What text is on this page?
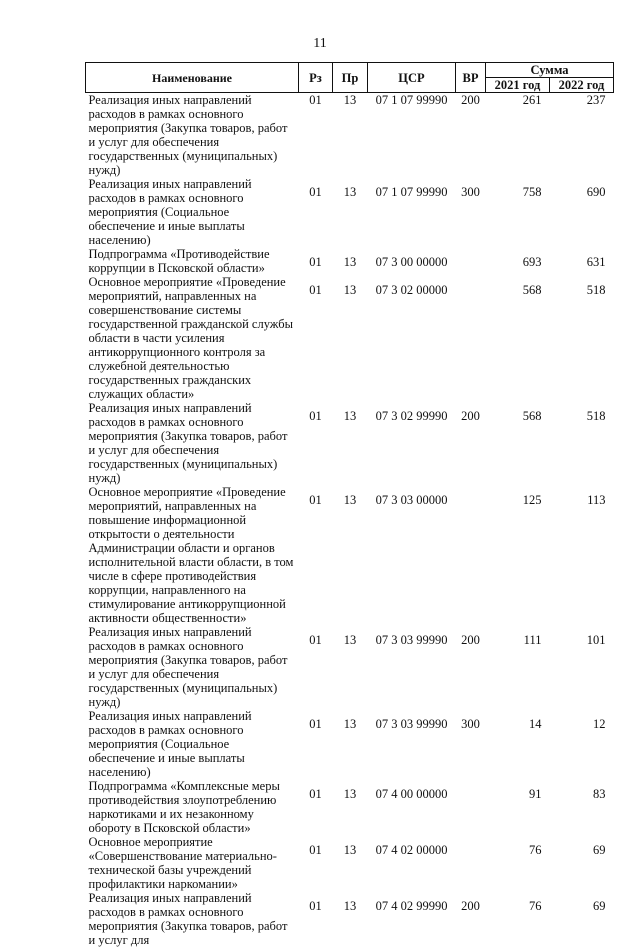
11
Наименование	Рз	Пр	ЦСР	ВР	Сумма	
					2021 год	2022 год
Реализация иных направлений расходов в рамках основного мероприятия (Закупка товаров, работ и услуг для обеспечения государственных (муниципальных) нужд)	01	13	07 1 07 99990	200	261	237
Реализация иных направлений расходов в рамках основного мероприятия (Социальное обеспечение и иные выплаты населению)	01	13	07 1 07 99990	300	758	690
Подпрограмма «Противодействие коррупции в Псковской области»	01	13	07 3 00 00000		693	631
Основное мероприятие «Проведение мероприятий, направленных на совершенствование системы государственной гражданской службы области в части усиления антикоррупционного контроля за служебной деятельностью государственных гражданских служащих области»	01	13	07 3 02 00000		568	518
Реализация иных направлений расходов в рамках основного мероприятия (Закупка товаров, работ и услуг для обеспечения государственных (муниципальных) нужд)	01	13	07 3 02 99990	200	568	518
Основное мероприятие «Проведение мероприятий, направленных на повышение информационной открытости о деятельности Администрации области и органов исполнительной власти области, в том числе в сфере противодействия коррупции, направленного на стимулирование антикоррупционной активности общественности»	01	13	07 3 03 00000		125	113
Реализация иных направлений расходов в рамках основного мероприятия (Закупка товаров, работ и услуг для обеспечения государственных (муниципальных) нужд)	01	13	07 3 03 99990	200	111	101
Реализация иных направлений расходов в рамках основного мероприятия (Социальное обеспечение и иные выплаты населению)	01	13	07 3 03 99990	300	14	12
Подпрограмма «Комплексные меры противодействия злоупотреблению наркотиками и их незаконному обороту в Псковской области»	01	13	07 4 00 00000		91	83
Основное мероприятие «Совершенствование материально-технической базы учреждений профилактики наркомании»	01	13	07 4 02 00000		76	69
Реализация иных направлений расходов в рамках основного мероприятия (Закупка товаров, работ и услуг для	01	13	07 4 02 99990	200	76	69
